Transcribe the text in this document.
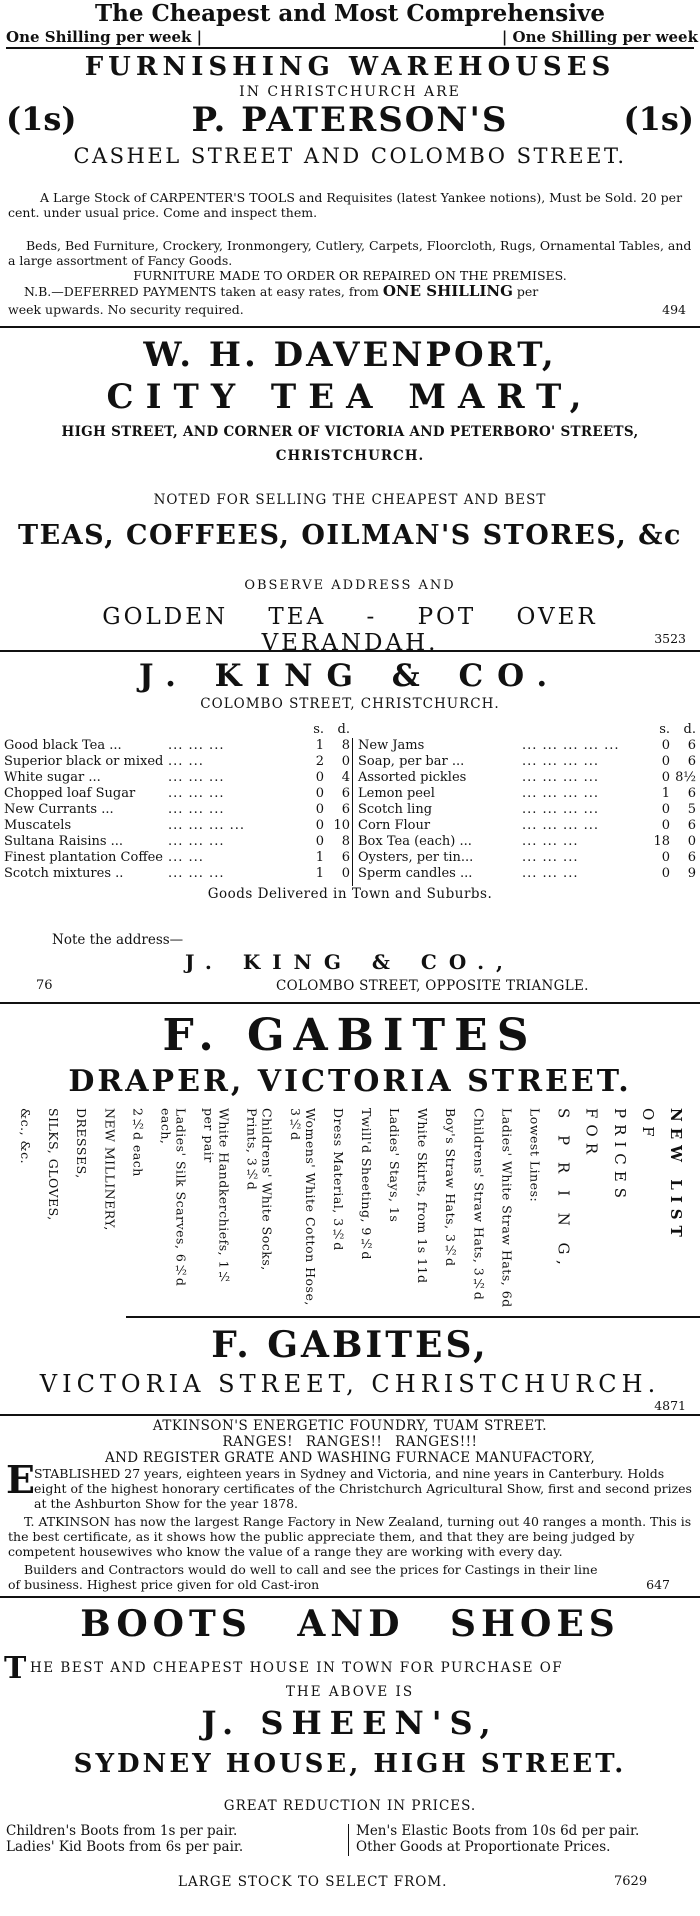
The Cheapest and Most Comprehensive
One Shilling per week |	| One Shilling per week
FURNISHING WAREHOUSES
IN CHRISTCHURCH ARE
(1s)	P. PATERSON'S	(1s)
CASHEL STREET AND COLOMBO STREET.
A Large Stock of CARPENTER'S TOOLS and Requisites (latest Yankee notions), Must be Sold. 20 per cent. under usual price. Come and inspect them.
Beds, Bed Furniture, Crockery, Ironmongery, Cutlery, Carpets, Floorcloth, Rugs, Ornamental Tables, and a large assortment of Fancy Goods.
FURNITURE MADE TO ORDER OR REPAIRED ON THE PREMISES.
N.B.—DEFERRED PAYMENTS taken at easy rates, from ONE SHILLING per
week upwards. No security required.	494
W. H. DAVENPORT,
CITY TEA MART,
HIGH STREET, AND CORNER OF VICTORIA AND PETERBORO' STREETS,
CHRISTCHURCH.
NOTED FOR SELLING THE CHEAPEST AND BEST
TEAS, COFFEES, OILMAN'S STORES, &c
OBSERVE ADDRESS AND
GOLDEN TEA - POT OVER VERANDAH.	3523
J. KING & CO.
COLOMBO STREET, CHRISTCHURCH.
		s.	d.
Good black Tea ...	... ... ...	1	8
Superior black or mixed	... ...	2	0
White sugar ...	... ... ...	0	4
Chopped loaf Sugar	... ... ...	0	6
New Currants ...	... ... ...	0	6
Muscatels	... ... ... ...	0	10
Sultana Raisins ...	... ... ...	0	8
Finest plantation Coffee	... ...	1	6
Scotch mixtures ..	... ... ...	1	0
		s.	d.
New Jams	... ... ... ... ...	0	6
Soap, per bar ...	... ... ... ...	0	6
Assorted pickles	... ... ... ...	0	8½
Lemon peel	... ... ... ...	1	6
Scotch ling	... ... ... ...	0	5
Corn Flour	... ... ... ...	0	6
Box Tea (each) ...	... ... ...	18	0
Oysters, per tin...	... ... ...	0	6
Sperm candles ...	... ... ...	0	9
Goods Delivered in Town and Suburbs.
Note the address—
J. KING & CO.,
76	COLOMBO STREET, OPPOSITE TRIANGLE.
F. GABITES
DRAPER, VICTORIA STREET.
NEW LIST
OF
PRICES
FOR
S P R I N G,
Lowest Lines:
Ladies' White Straw Hats, 6d
Childrens' Straw Hats, 3½d
Boy's Straw Hats, 3½d
White Skirts, from 1s 11d
Ladies' Stays, 1s
Twill'd Sheeting, 9½d
Dress Material, 3½d
Womens' White Cotton Hose, 3½d
Childrens' White Socks, Prints, 3½d
White Handkerchiefs, 1½ per pair
Ladies' Silk Scarves, 6½d each,
2½d each
NEW MILLINERY,
DRESSES,
SILKS, GLOVES,
&c., &c.
F. GABITES,
VICTORIA STREET, CHRISTCHURCH.
4871
ATKINSON'S ENERGETIC FOUNDRY, TUAM STREET.
RANGES! RANGES!! RANGES!!!
AND REGISTER GRATE AND WASHING FURNACE MANUFACTORY,
E STABLISHED 27 years, eighteen years in Sydney and Victoria, and nine years in Canterbury. Holds eight of the highest honorary certificates of the Christchurch Agricultural Show, first and second prizes at the Ashburton Show for the year 1878.
T. ATKINSON has now the largest Range Factory in New Zealand, turning out 40 ranges a month. This is the best certificate, as it shows how the public appreciate them, and that they are being judged by competent housewives who know the value of a range they are working with every day.
Builders and Contractors would do well to call and see the prices for Castings in their line of business. Highest price given for old Cast-iron	647
BOOTS AND SHOES
T HE BEST AND CHEAPEST HOUSE IN TOWN FOR PURCHASE OF
THE ABOVE IS
J. SHEEN'S,
SYDNEY HOUSE, HIGH STREET.
GREAT REDUCTION IN PRICES.
Children's Boots from 1s per pair.
Ladies' Kid Boots from 6s per pair.
Men's Elastic Boots from 10s 6d per pair.
Other Goods at Proportionate Prices.
LARGE STOCK TO SELECT FROM.	7629
